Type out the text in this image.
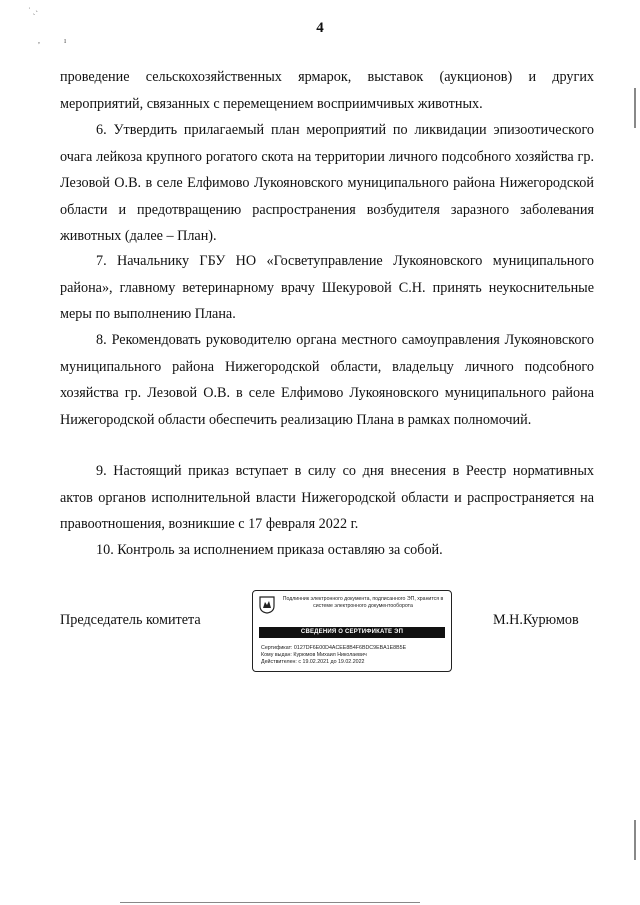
4
˙ ˏ˴
,	ı
проведение сельскохозяйственных ярмарок, выставок (аукционов) и других мероприятий, связанных с перемещением восприимчивых животных.
6. Утвердить прилагаемый план мероприятий по ликвидации эпизоотического очага лейкоза крупного рогатого скота на территории личного подсобного хозяйства гр. Лезовой О.В. в селе Елфимово Лукояновского муниципального района Нижегородской области и предотвращению распространения возбудителя заразного заболевания животных (далее – План).
7. Начальнику ГБУ НО «Госветуправление Лукояновского муниципального района», главному ветеринарному врачу Шекуровой С.Н. принять неукоснительные меры по выполнению Плана.
8. Рекомендовать руководителю органа местного самоуправления Лукояновского муниципального района Нижегородской области, владельцу личного подсобного хозяйства гр. Лезовой О.В. в селе Елфимово Лукояновского муниципального района Нижегородской области обеспечить реализацию Плана в рамках полномочий.
9. Настоящий приказ вступает в силу со дня внесения в Реестр нормативных актов органов исполнительной власти Нижегородской области и распространяется на правоотношения, возникшие с 17 февраля 2022 г.
10. Контроль за исполнением приказа оставляю за собой.
Председатель комитета
Подлинник электронного документа, подписанного ЭП, хранится в системе электронного документооборота
СВЕДЕНИЯ О СЕРТИФИКАТЕ ЭП
Сертификат: 0127DF6E00D4ACEE8B4F6BDC9EBA1E8B5E
Кому выдан: Курюмов Михаил Николаевич
Действителен: с 19.02.2021 до 19.02.2022
М.Н.Курюмов
